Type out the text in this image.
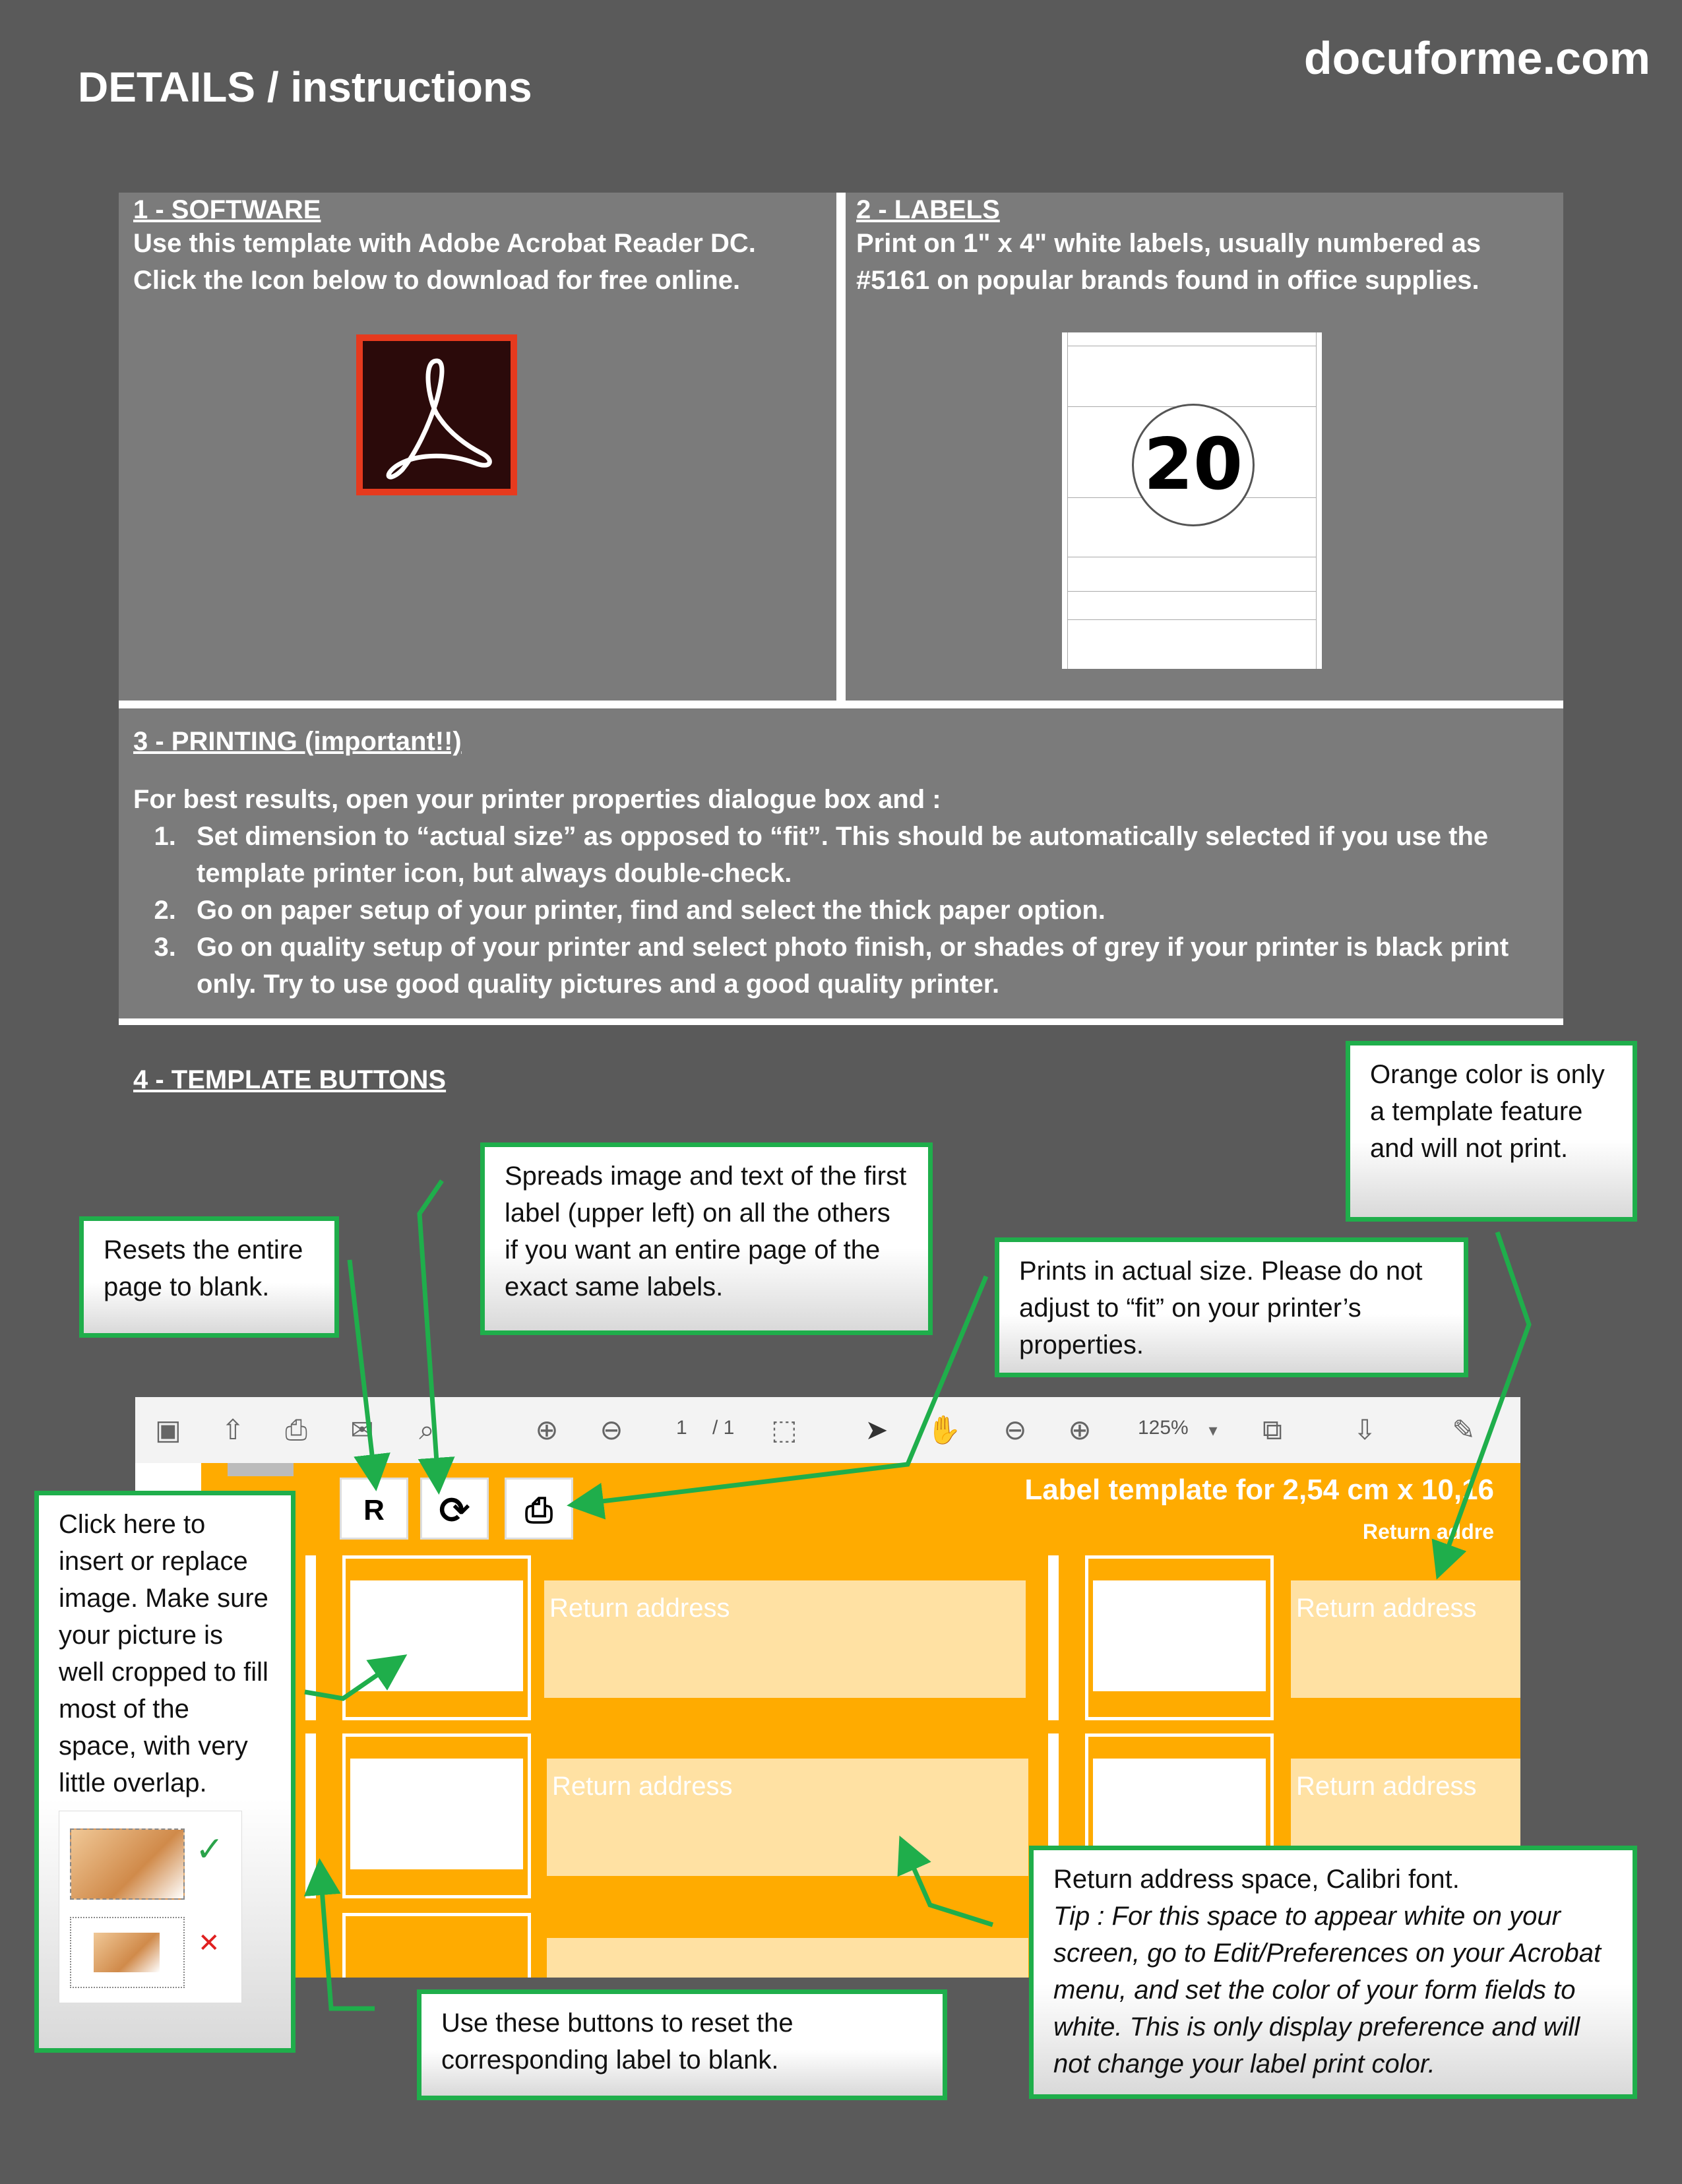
DETAILS / instructions
docuforme.com
1 - SOFTWARE
Use this template with Adobe Acrobat Reader DC.
Click the Icon below to download for free online.
2 - LABELS
Print on 1" x 4" white labels, usually numbered as
#5161 on popular brands found in office supplies.
20
3 - PRINTING (important!!)
For best results, open your printer properties dialogue box and :
1. Set dimension to “actual size” as opposed to “fit”. This should be automatically selected if you use the template printer icon, but always double-check.
2. Go on paper setup of your printer, find and select the thick paper option.
3. Go on quality setup of your printer and select photo finish, or shades of grey if your printer is black print only. Try to use good quality pictures and a good quality printer.
4 - TEMPLATE BUTTONS
▣ ⇧ ⎙ ✉ ⌕	⊕ ⊖	1 / 1 ⬚ ➤ ✋ ⊖ ⊕ 125%	▾	⧉	⇩	✎
R	⟳	⎙
Label template for 2,54 cm x 10,16
Return addre
Return address	Return address
Return address	Return address
Orange color is only a template feature and will not print.
Spreads image and text of the first label (upper left) on all the others if you want an entire page of the exact same labels.
Resets the entire page to blank.
Prints in actual size. Please do not adjust to “fit” on your printer’s properties.
Click here to insert or replace image. Make sure your picture is well cropped to fill most of the space, with very little overlap.
✓
✕
Return address space, Calibri font.
Tip : For this space to appear white on your screen, go to Edit/Preferences on your Acrobat menu, and set the color of your form fields to white. This is only display preference and will not change your label print color.
Use these buttons to reset the corresponding label to blank.
